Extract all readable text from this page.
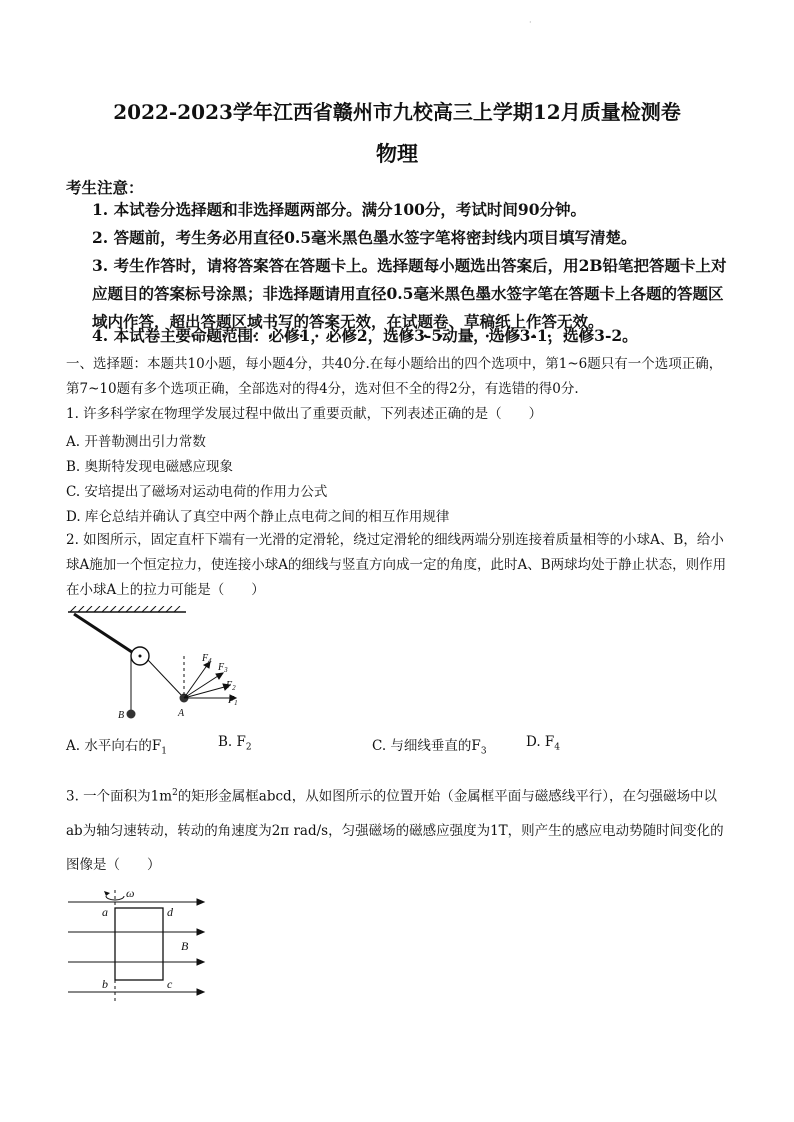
·
2022-2023学年江西省赣州市九校高三上学期12月质量检测卷
物理
考生注意：
1. 本试卷分选择题和非选择题两部分。满分100分，考试时间90分钟。
2. 答题前，考生务必用直径0.5毫米黑色墨水签字笔将密封线内项目填写清楚。
3. 考生作答时，请将答案答在答题卡上。选择题每小题选出答案后，用2B铅笔把答题卡上对应题目的答案标号涂黑；非选择题请用直径0.5毫米黑色墨水签字笔在答题卡上各题的答题区域内作答，超出答题区域书写的答案无效，在试题卷、草稿纸上作答无效。
4. 本试卷主要命题范围：必修1，必修2，选修3-5动量，选修3-1，选修3-2。
一、选择题：本题共10小题，每小题4分，共40分.在每小题给出的四个选项中，第1~6题只有一个选项正确，第7~10题有多个选项正确，全部选对的得4分，选对但不全的得2分，有选错的得0分.
1. 许多科学家在物理学发展过程中做出了重要贡献，下列表述正确的是（　　）
A. 开普勒测出引力常数
B. 奥斯特发现电磁感应现象
C. 安培提出了磁场对运动电荷的作用力公式
D. 库仑总结并确认了真空中两个静止点电荷之间的相互作用规律
2. 如图所示，固定直杆下端有一光滑的定滑轮，绕过定滑轮的细线两端分别连接着质量相等的小球A、B，给小球A施加一个恒定拉力，使连接小球A的细线与竖直方向成一定的角度，此时A、B两球均处于静止状态，则作用在小球A上的拉力可能是（　　）
$F_4$
$F_3$
$F_2$
$F_1$
A
B
A. 水平向右的$F_1$
B. $F_2$	C. 与细线垂直的$F_3$
D. $F_4$
3. 一个面积为$1m^2$的矩形金属框abcd，从如图所示的位置开始（金属框平面与磁感线平行），在匀强磁场中以ab为轴匀速转动，转动的角速度为2π rad/s，匀强磁场的磁感应强度为1T，则产生的感应电动势随时间变化的图像是（　　）
ω
a	d
B
b	c
